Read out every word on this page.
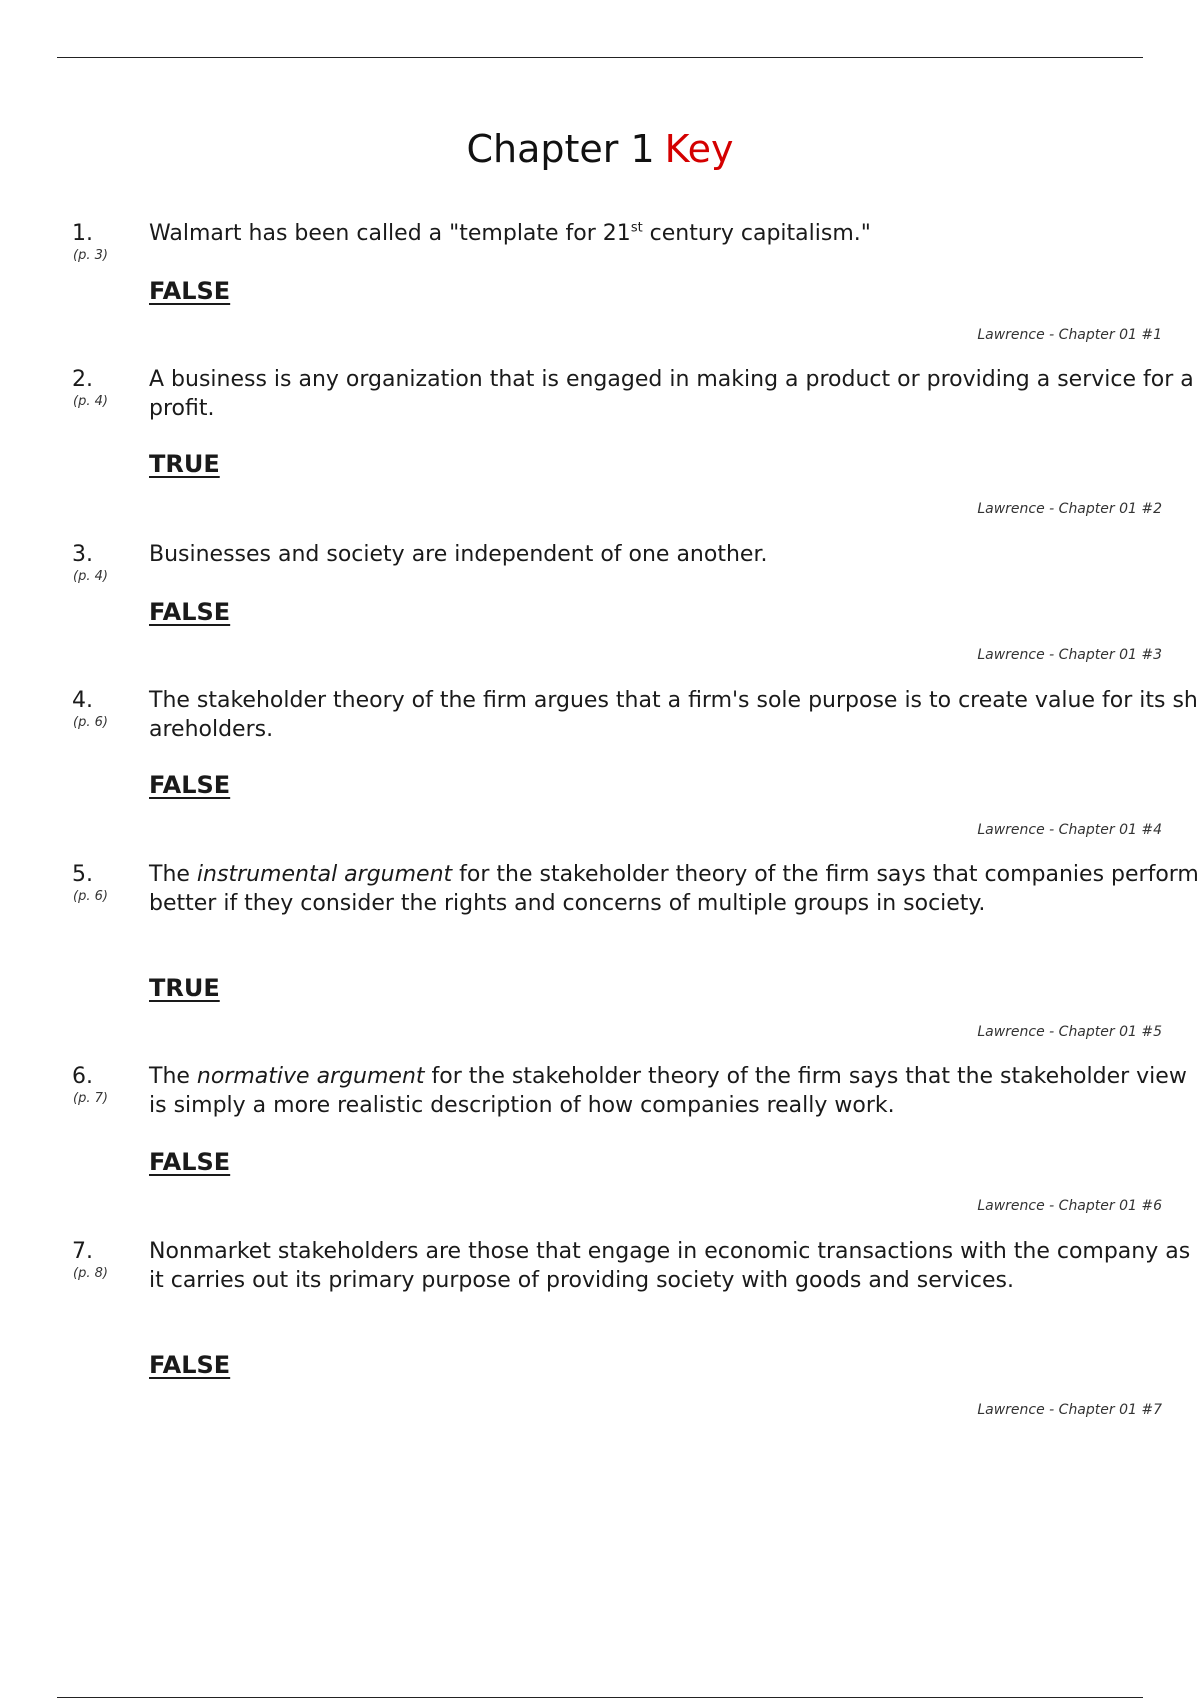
Chapter 1 Key
1.
(p. 3)
Walmart has been called a "template for 21st century capitalism."
FALSE
Lawrence - Chapter 01 #1
2.
(p. 4)
A business is any organization that is engaged in making a product or providing a service for a profit.
TRUE
Lawrence - Chapter 01 #2
3.
(p. 4)
Businesses and society are independent of one another.
FALSE
Lawrence - Chapter 01 #3
4.
(p. 6)
The stakeholder theory of the firm argues that a firm's sole purpose is to create value for its shareholders.
FALSE
Lawrence - Chapter 01 #4
5.
(p. 6)
The instrumental argument for the stakeholder theory of the firm says that companies perform better if they consider the rights and concerns of multiple groups in society.
TRUE
Lawrence - Chapter 01 #5
6.
(p. 7)
The normative argument for the stakeholder theory of the firm says that the stakeholder view is simply a more realistic description of how companies really work.
FALSE
Lawrence - Chapter 01 #6
7.
(p. 8)
Nonmarket stakeholders are those that engage in economic transactions with the company as it carries out its primary purpose of providing society with goods and services.
FALSE
Lawrence - Chapter 01 #7
